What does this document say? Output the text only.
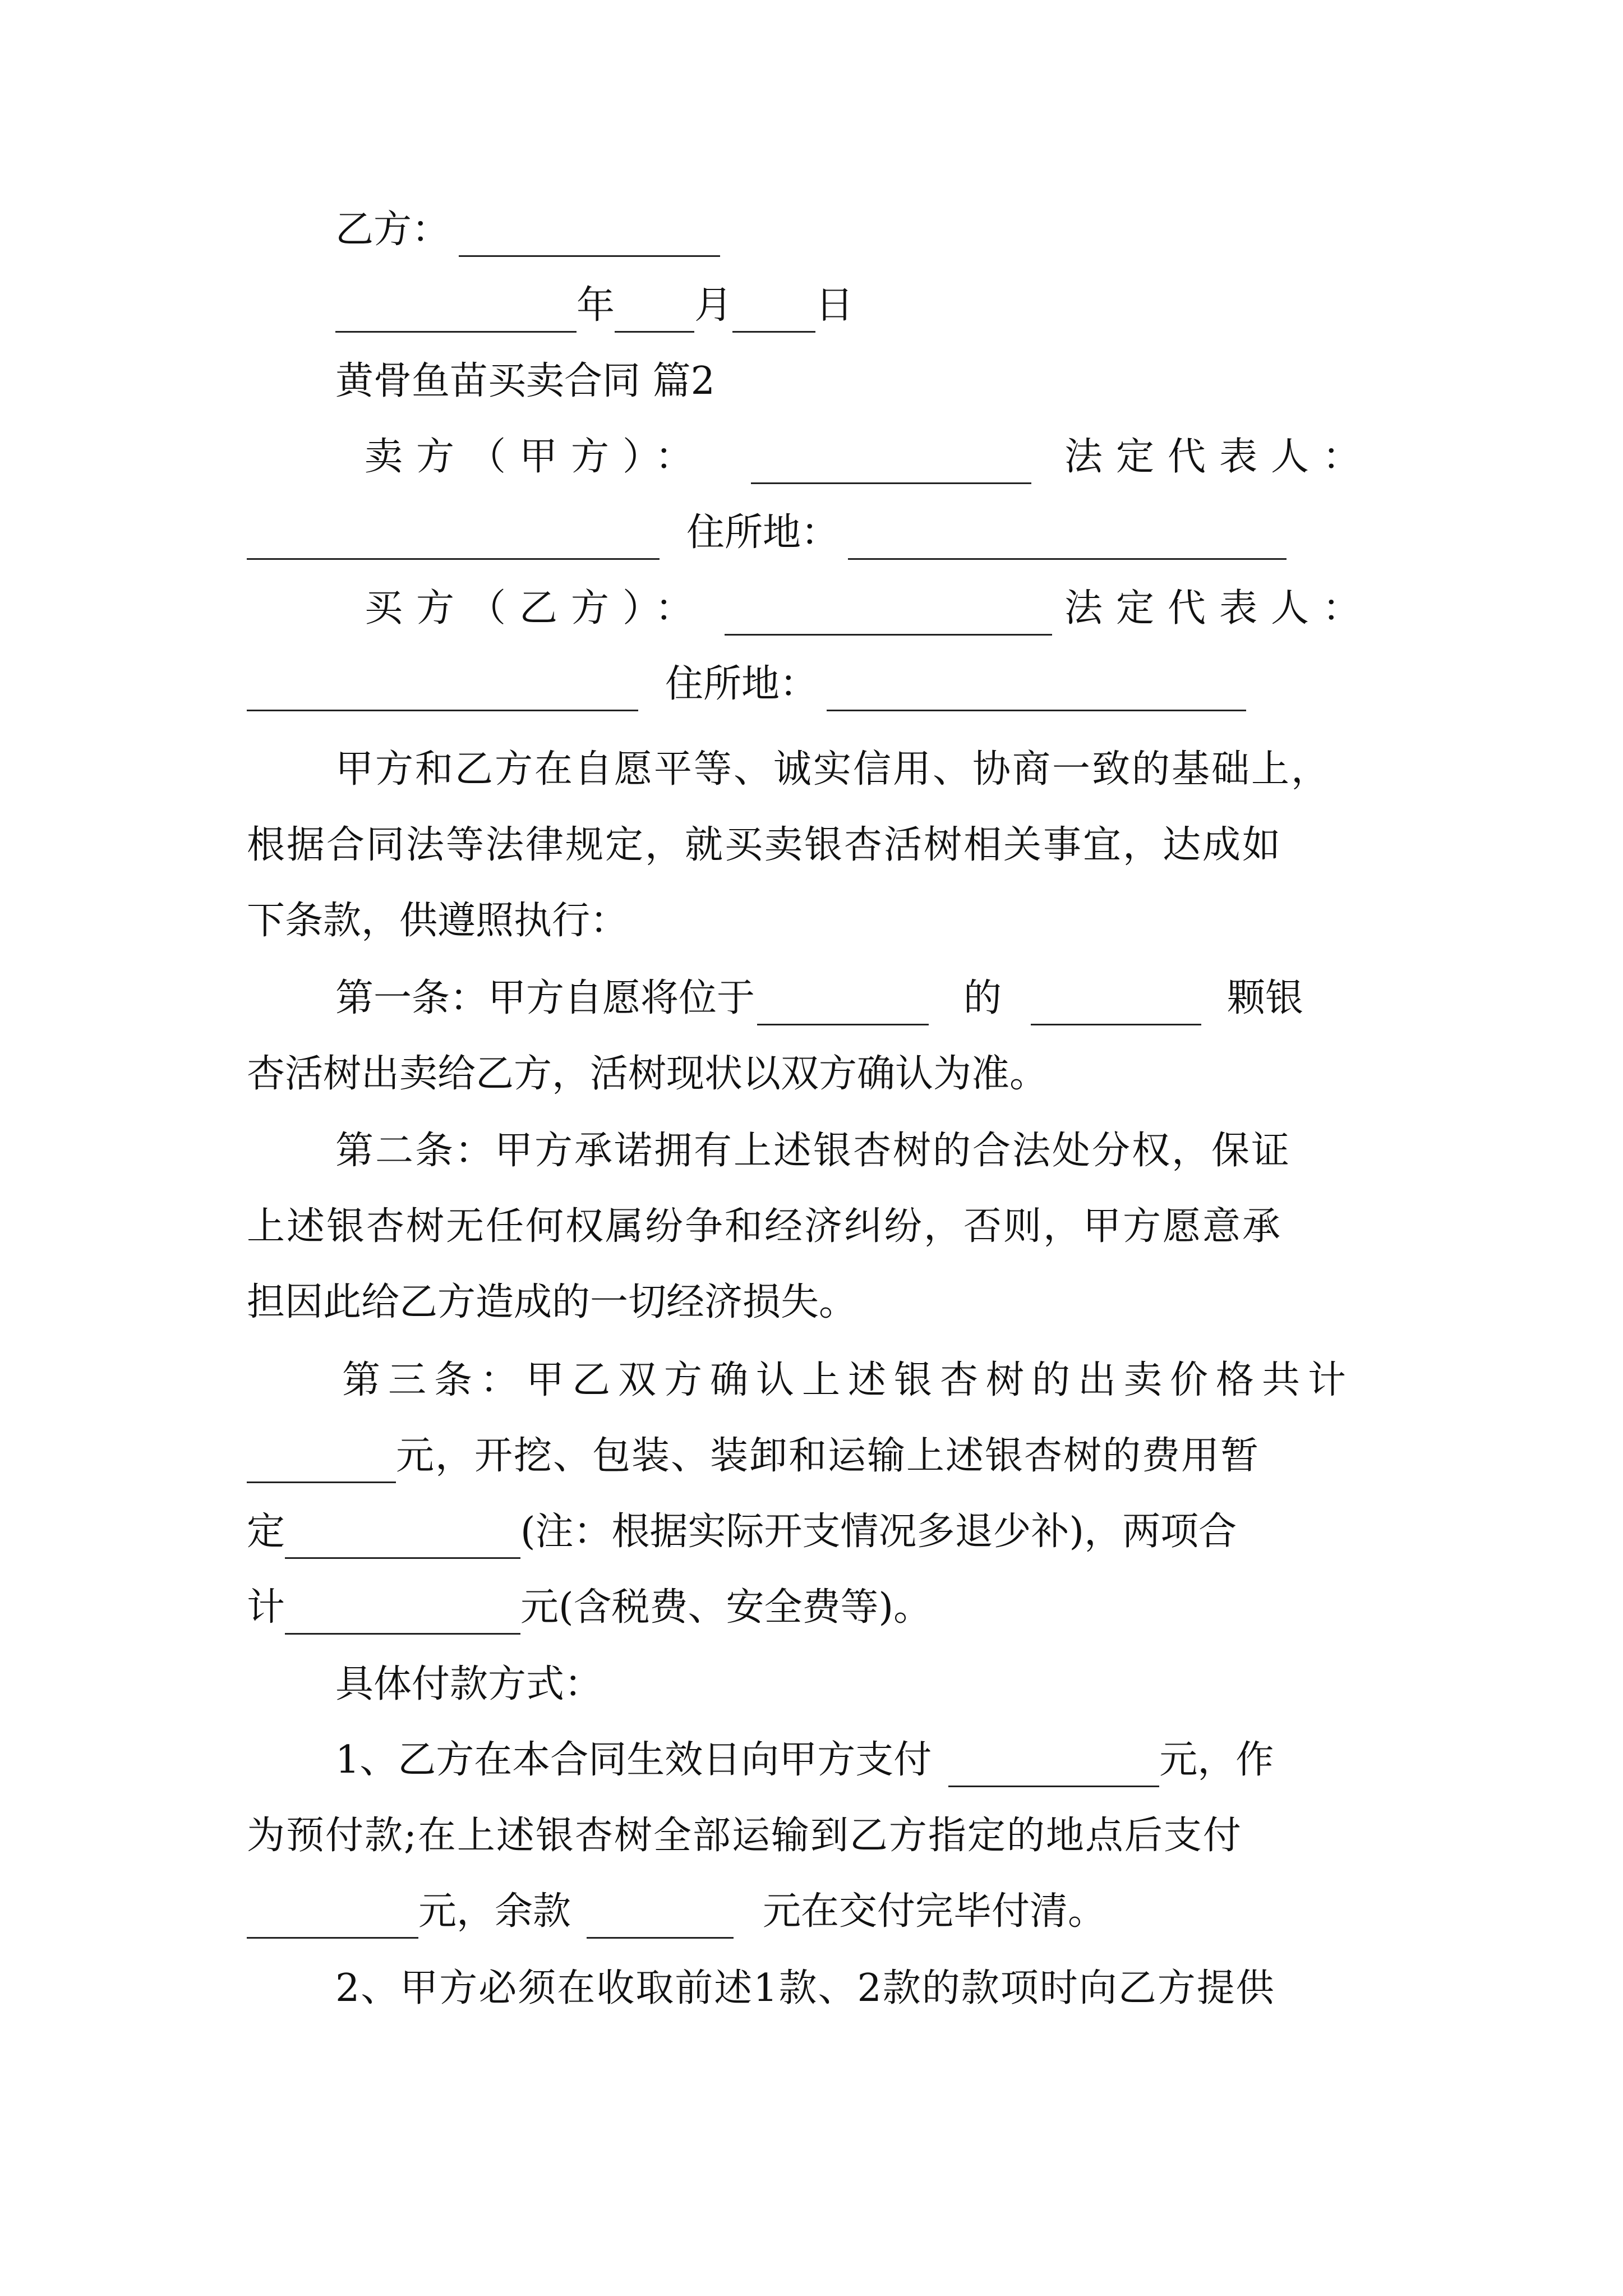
乙方：
年 月 日
黄骨鱼苗买卖合同 篇2
卖方（甲方）：	法定代表人：
住所地：
买方（乙方）：	法定代表人：
住所地：
甲方和乙方在自愿平等、诚实信用、协商一致的基础上，
根据合同法等法律规定，就买卖银杏活树相关事宜，达成如
下条款，供遵照执行：
第一条：甲方自愿将位于	的	颗银
杏活树出卖给乙方，活树现状以双方确认为准。
第二条：甲方承诺拥有上述银杏树的合法处分权，保证
上述银杏树无任何权属纷争和经济纠纷，否则，甲方愿意承
担因此给乙方造成的一切经济损失。
第三条：甲乙双方确认上述银杏树的出卖价格共计
元，开挖、包装、装卸和运输上述银杏树的费用暂
定	(注：根据实际开支情况多退少补)，两项合
计	元(含税费、安全费等)。
具体付款方式：
1、乙方在本合同生效日向甲方支付	元，作
为预付款;在上述银杏树全部运输到乙方指定的地点后支付
元，余款	元在交付完毕付清。
2、甲方必须在收取前述1款、2款的款项时向乙方提供
